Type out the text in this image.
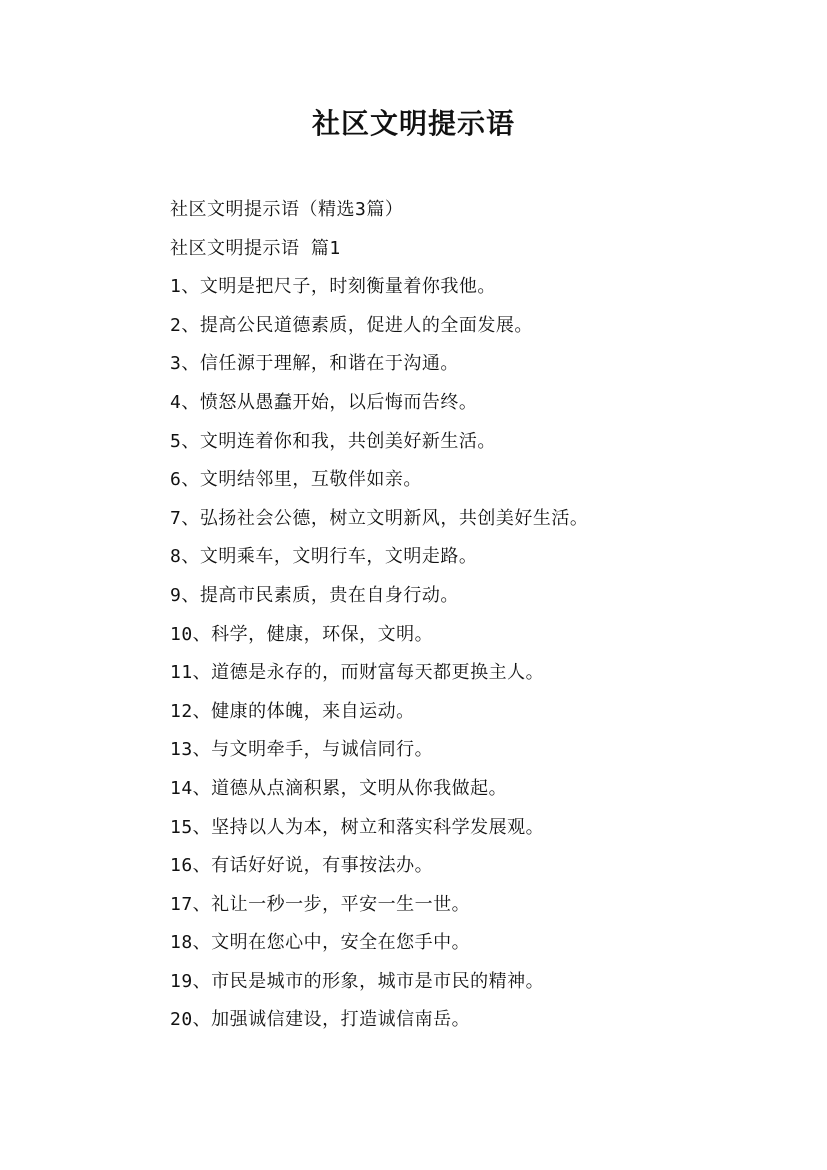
社区文明提示语
社区文明提示语（精选3篇）
社区文明提示语 篇1
1、文明是把尺子，时刻衡量着你我他。
2、提高公民道德素质，促进人的全面发展。
3、信任源于理解，和谐在于沟通。
4、愤怒从愚蠢开始，以后悔而告终。
5、文明连着你和我，共创美好新生活。
6、文明结邻里，互敬伴如亲。
7、弘扬社会公德，树立文明新风，共创美好生活。
8、文明乘车，文明行车，文明走路。
9、提高市民素质，贵在自身行动。
10、科学，健康，环保，文明。
11、道德是永存的，而财富每天都更换主人。
12、健康的体魄，来自运动。
13、与文明牵手，与诚信同行。
14、道德从点滴积累，文明从你我做起。
15、坚持以人为本，树立和落实科学发展观。
16、有话好好说，有事按法办。
17、礼让一秒一步，平安一生一世。
18、文明在您心中，安全在您手中。
19、市民是城市的形象，城市是市民的精神。
20、加强诚信建设，打造诚信南岳。
